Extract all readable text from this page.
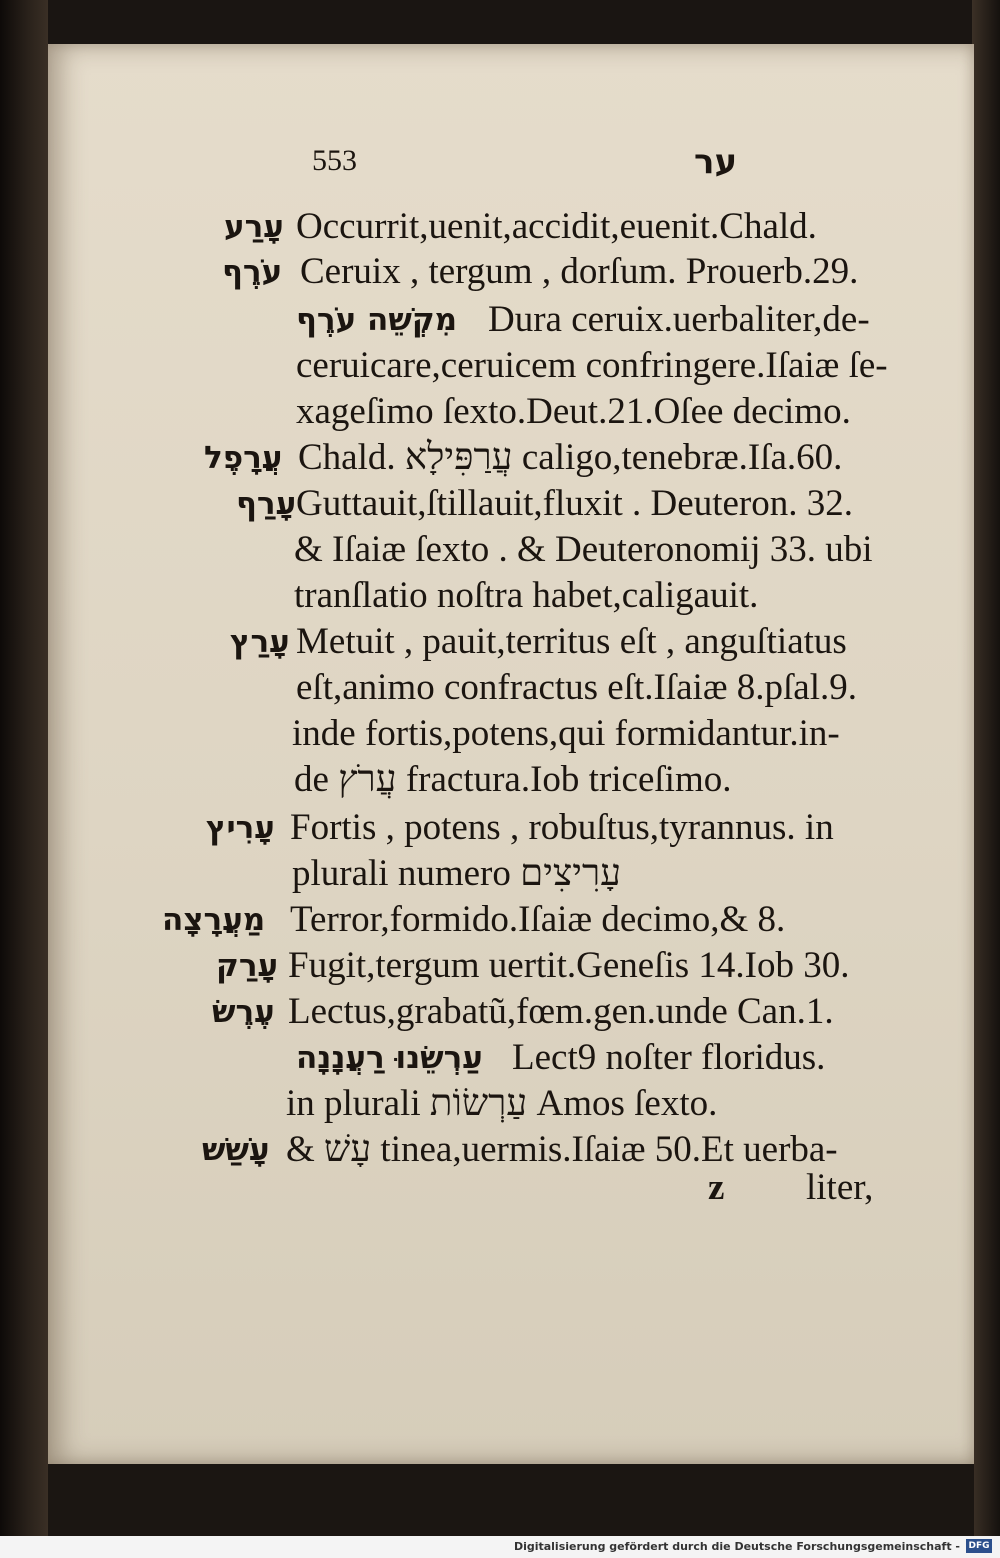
553	ער
עָרַע Occurrit,uenit,accidit,euenit.Chald.
עֹרֶף Ceruix , tergum , dorſum. Prouerb.29.
מִקְשֵׁה עֹרֶף Dura ceruix.uerbaliter,de-
ceruicare,ceruicem confringere.Iſaiæ ſe-
xageſimo ſexto.Deut.21.Oſee decimo.
עֲרָפֶל Chald. עֲרַפִּילָא caligo,tenebræ.Iſa.60.
עָרַף Guttauit,ſtillauit,fluxit . Deuteron. 32.
& Iſaiæ ſexto . & Deuteronomij 33. ubi
tranſlatio noſtra habet,caligauit.
עָרַץ Metuit , pauit,territus eſt , anguſtiatus
eſt,animo confractus eſt.Iſaiæ 8.pſal.9.
inde fortis,potens,qui formidantur.in-
de עֲרֹץ fractura.Iob triceſimo.
עָרִיץ Fortis , potens , robuſtus,tyrannus. in
plurali numero עָרִיצִים
מַעֲרָצָה Terror,formido.Iſaiæ decimo,& 8.
עָרַק Fugit,tergum uertit.Geneſis 14.Iob 30.
עֶרֶשׂ Lectus,grabatũ,fœm.gen.unde Can.1.
עַרְשֵׂנוּ רַעֲנָנָה Lect9 noſter floridus.
in plurali עַרְשׂוֹת Amos ſexto.
עָשַׁשׁ & עָשׁ tinea,uermis.Iſaiæ 50.Et uerba-
z liter,
Digitalisierung gefördert durch die Deutsche Forschungsgemeinschaft - DFG
